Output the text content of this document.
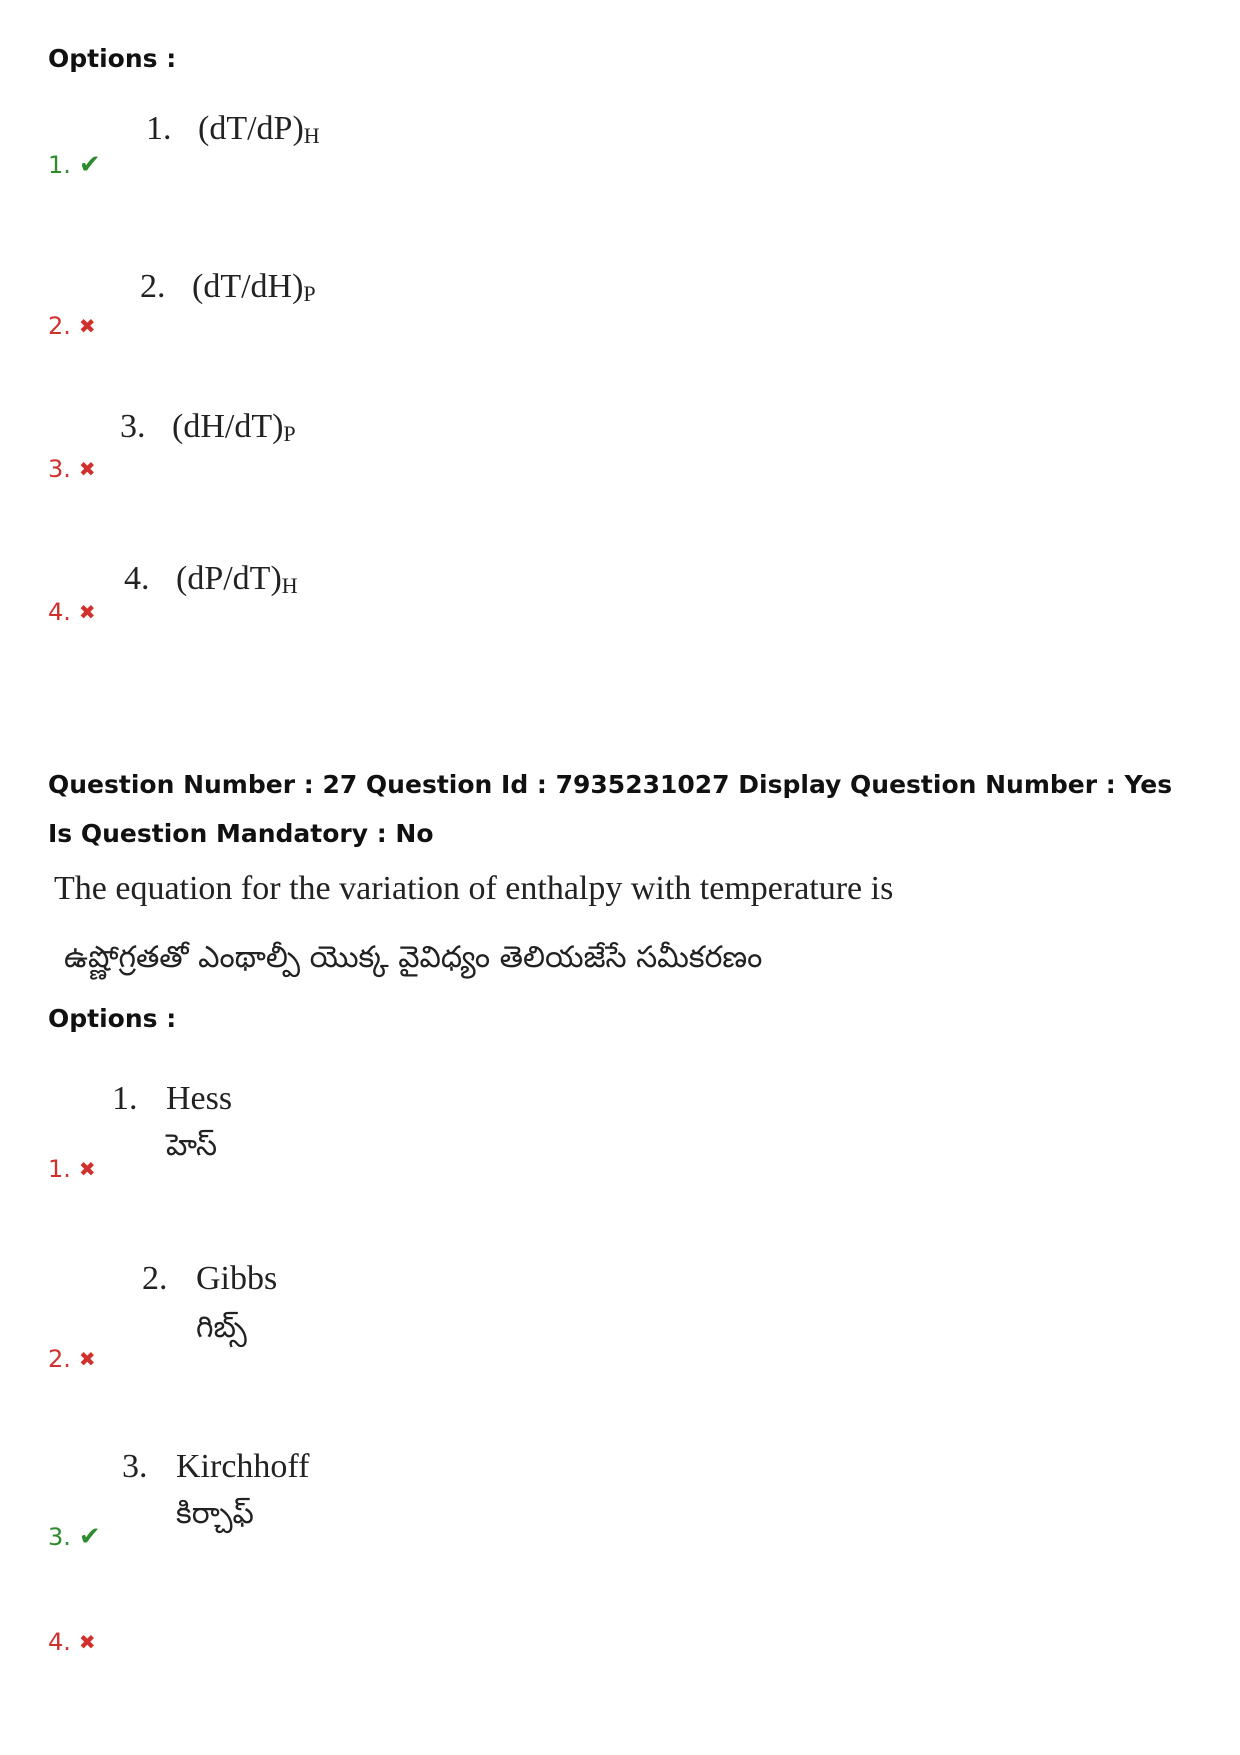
Options :
1. $(dT/dP)_H$
1. ✔
2. $(dT/dH)_P$
2. ✖
3. $(dH/dT)_P$
3. ✖
4. $(dP/dT)_H$
4. ✖
Question Number : 27 Question Id : 7935231027 Display Question Number : Yes Is Question Mandatory : No
The equation for the variation of enthalpy with temperature is
ఉష్ణోగ్రతతో ఎంథాల్పీ యొక్క వైవిధ్యం తెలియజేసే సమీకరణం
Options :
1. Hess
హెస్
1. ✖
2. Gibbs
గిబ్స్
2. ✖
3. Kirchhoff
కిర్చాఫ్
3. ✔
4. ✖
